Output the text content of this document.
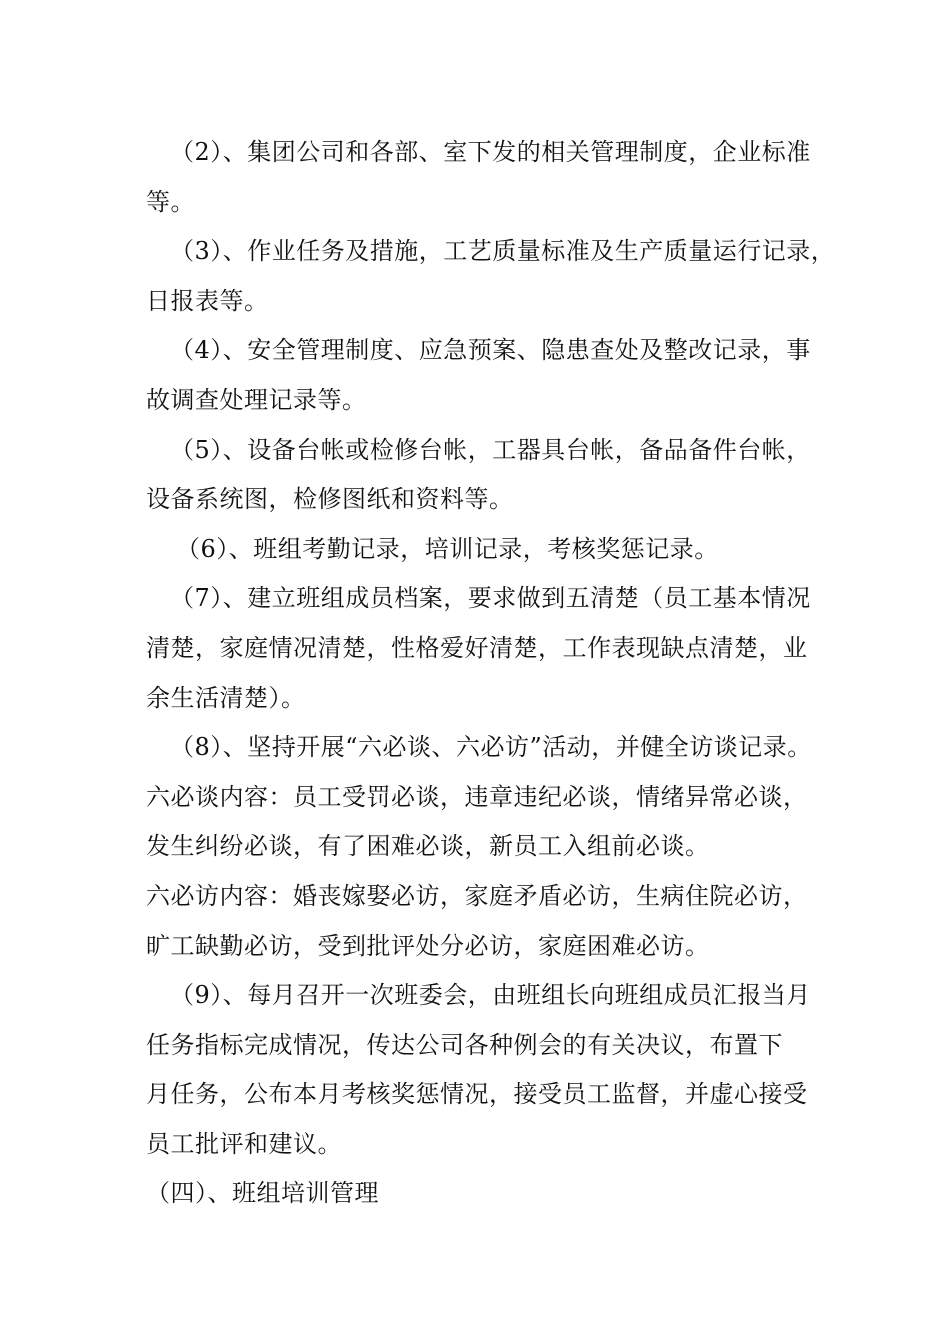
（2）、集团公司和各部、室下发的相关管理制度，企业标准
等。
（3）、作业任务及措施，工艺质量标准及生产质量运行记录，
日报表等。
（4）、安全管理制度、应急预案、隐患查处及整改记录，事
故调查处理记录等。
（5）、设备台帐或检修台帐，工器具台帐，备品备件台帐，
设备系统图，检修图纸和资料等。
（6）、班组考勤记录，培训记录，考核奖惩记录。
（7）、建立班组成员档案，要求做到五清楚（员工基本情况
清楚，家庭情况清楚，性格爱好清楚，工作表现缺点清楚，业
余生活清楚）。
（8）、坚持开展“六必谈、六必访”活动，并健全访谈记录。
六必谈内容：员工受罚必谈，违章违纪必谈，情绪异常必谈，
发生纠纷必谈，有了困难必谈，新员工入组前必谈。
六必访内容：婚丧嫁娶必访，家庭矛盾必访，生病住院必访，
旷工缺勤必访，受到批评处分必访，家庭困难必访。
（9）、每月召开一次班委会，由班组长向班组成员汇报当月
任务指标完成情况，传达公司各种例会的有关决议，布置下
月任务，公布本月考核奖惩情况，接受员工监督，并虚心接受
员工批评和建议。
（四）、班组培训管理
